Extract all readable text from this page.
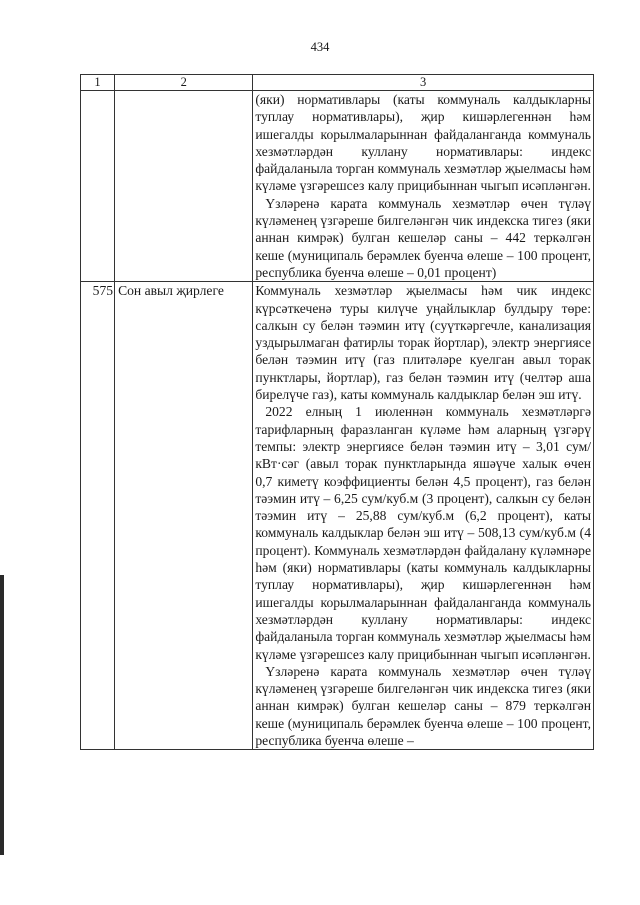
434
1	2	3

		(яки) нормативлары (каты коммуналь калдыкларны туплау нормативлары), җир кишәрлегеннән һәм ишегалды корылмаларыннан файдаланганда коммуналь хезмәтләрдән куллану нормативлары: индекс файдаланыла торган коммуналь хезмәтләр җыелмасы һәм күләме үзгәрешсез калу прицибыннан чыгып исәпләнгән.

Үзләренә карата коммуналь хезмәтләр өчен түләү күләменең үзгәреше билгеләнгән чик индекска тигез (яки аннан кимрәк) булган кешеләр саны – 442 теркәлгән кеше (муниципаль берәмлек буенча өлеше – 100 процент, республика буенча өлеше – 0,01 процент)

575	Сон авыл җирлеге	Коммуналь хезмәтләр җыелмасы һәм чик индекс күрсәткеченә туры килүче уңайлыклар булдыру төре: салкын су белән тәэмин итү (суүткәргечле, канализация уздырылмаган фатирлы торак йортлар), электр энергиясе белән тәэмин итү (газ плитәләре куелган авыл торак пунктлары, йортлар), газ белән тәэмин итү (челтәр аша бирелүче газ), каты коммуналь калдыклар белән эш итү.

2022 елның 1 июленнән коммуналь хезмәтләргә тарифларның фаразланган күләме һәм аларның үзгәрү темпы: электр энергиясе белән тәэмин итү – 3,01 сум/кВт·сәг (авыл торак пунктларында яшәүче халык өчен 0,7 киметү коэффициенты белән 4,5 процент), газ белән тәэмин итү – 6,25 сум/куб.м (3 процент), салкын су белән тәэмин итү – 25,88 сум/куб.м (6,2 процент), каты коммуналь калдыклар белән эш итү – 508,13 сум/куб.м (4 процент). Коммуналь хезмәтләрдән файдалану күләмнәре һәм (яки) нормативлары (каты коммуналь калдыкларны туплау нормативлары), җир кишәрлегеннән һәм ишегалды корылмаларыннан файдаланганда коммуналь хезмәтләрдән куллану нормативлары: индекс файдаланыла торган коммуналь хезмәтләр җыелмасы һәм күләме үзгәрешсез калу прицибыннан чыгып исәпләнгән.

Үзләренә карата коммуналь хезмәтләр өчен түләү күләменең үзгәреше билгеләнгән чик индекска тигез (яки аннан кимрәк) булган кешеләр саны – 879 теркәлгән кеше (муниципаль берәмлек буенча өлеше – 100 процент, республика буенча өлеше –
